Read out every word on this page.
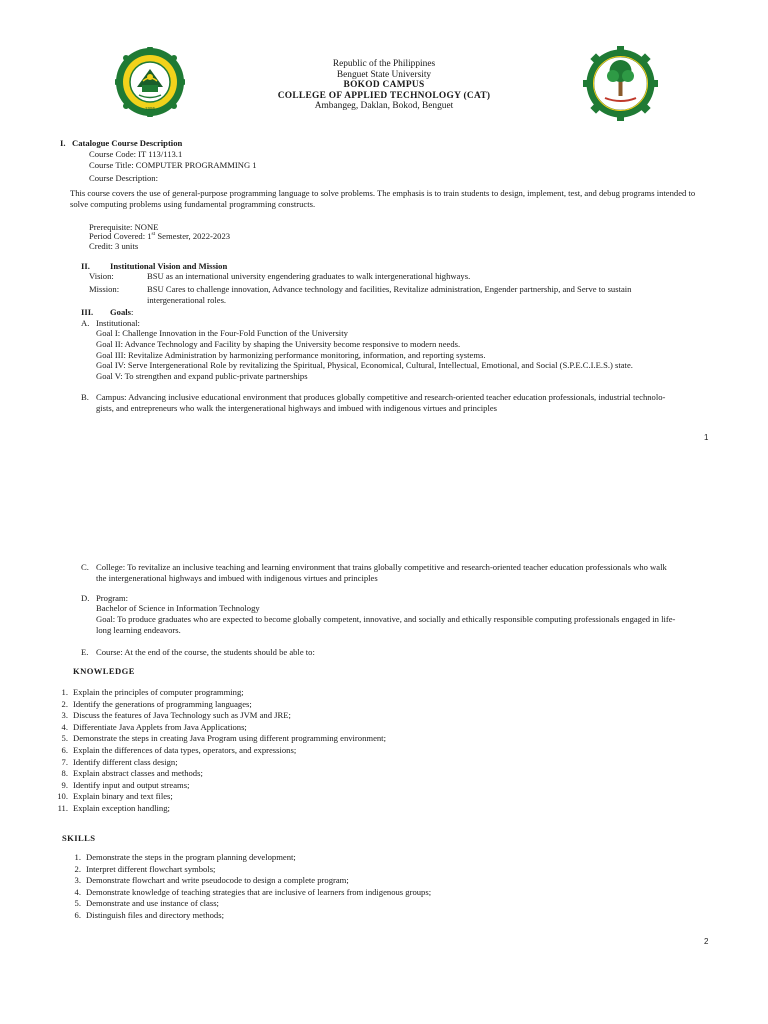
1986
Republic of the Philippines
Benguet State University
BOKOD CAMPUS
COLLEGE OF APPLIED TECHNOLOGY (CAT)
Ambangeg, Daklan, Bokod, Benguet
I. Catalogue Course Description
Course Code: IT 113/113.1
Course Title: COMPUTER PROGRAMMING 1
Course Description:
This course covers the use of general-purpose programming language to solve problems. The emphasis is to train students to design, implement, test, and debug programs intended to solve computing problems using fundamental programming constructs.
Prerequisite: NONE
Period Covered: 1st Semester, 2022-2023
Credit: 3 units
II. Institutional Vision and Mission
Vision:	BSU as an international university engendering graduates to walk intergenerational highways.
Mission:	BSU Cares to challenge innovation, Advance technology and facilities, Revitalize administration, Engender partnership, and Serve to sustain
intergenerational roles.
III. Goals:
A. Institutional:
Goal I: Challenge Innovation in the Four-Fold Function of the University
Goal II: Advance Technology and Facility by shaping the University become responsive to modern needs.
Goal III: Revitalize Administration by harmonizing performance monitoring, information, and reporting systems.
Goal IV: Serve Intergenerational Role by revitalizing the Spiritual, Physical, Economical, Cultural, Intellectual, Emotional, and Social (S.P.E.C.I.E.S.) state.
Goal V: To strengthen and expand public-private partnerships
B. Campus: Advancing inclusive educational environment that produces globally competitive and research-oriented teacher education professionals, industrial technolo-
gists, and entrepreneurs who walk the intergenerational highways and imbued with indigenous virtues and principles
1
C. College: To revitalize an inclusive teaching and learning environment that trains globally competitive and research-oriented teacher education professionals who walk
the intergenerational highways and imbued with indigenous virtues and principles
D. Program:
Bachelor of Science in Information Technology
Goal: To produce graduates who are expected to become globally competent, innovative, and socially and ethically responsible computing professionals engaged in life-
long learning endeavors.
E. Course: At the end of the course, the students should be able to:
KNOWLEDGE
1. Explain the principles of computer programming;
2. Identify the generations of programming languages;
3. Discuss the features of Java Technology such as JVM and JRE;
4. Differentiate Java Applets from Java Applications;
5. Demonstrate the steps in creating Java Program using different programming environment;
6. Explain the differences of data types, operators, and expressions;
7. Identify different class design;
8. Explain abstract classes and methods;
9. Identify input and output streams;
10. Explain binary and text files;
11. Explain exception handling;
SKILLS
1. Demonstrate the steps in the program planning development;
2. Interpret different flowchart symbols;
3. Demonstrate flowchart and write pseudocode to design a complete program;
4. Demonstrate knowledge of teaching strategies that are inclusive of learners from indigenous groups;
5. Demonstrate and use instance of class;
6. Distinguish files and directory methods;
2
